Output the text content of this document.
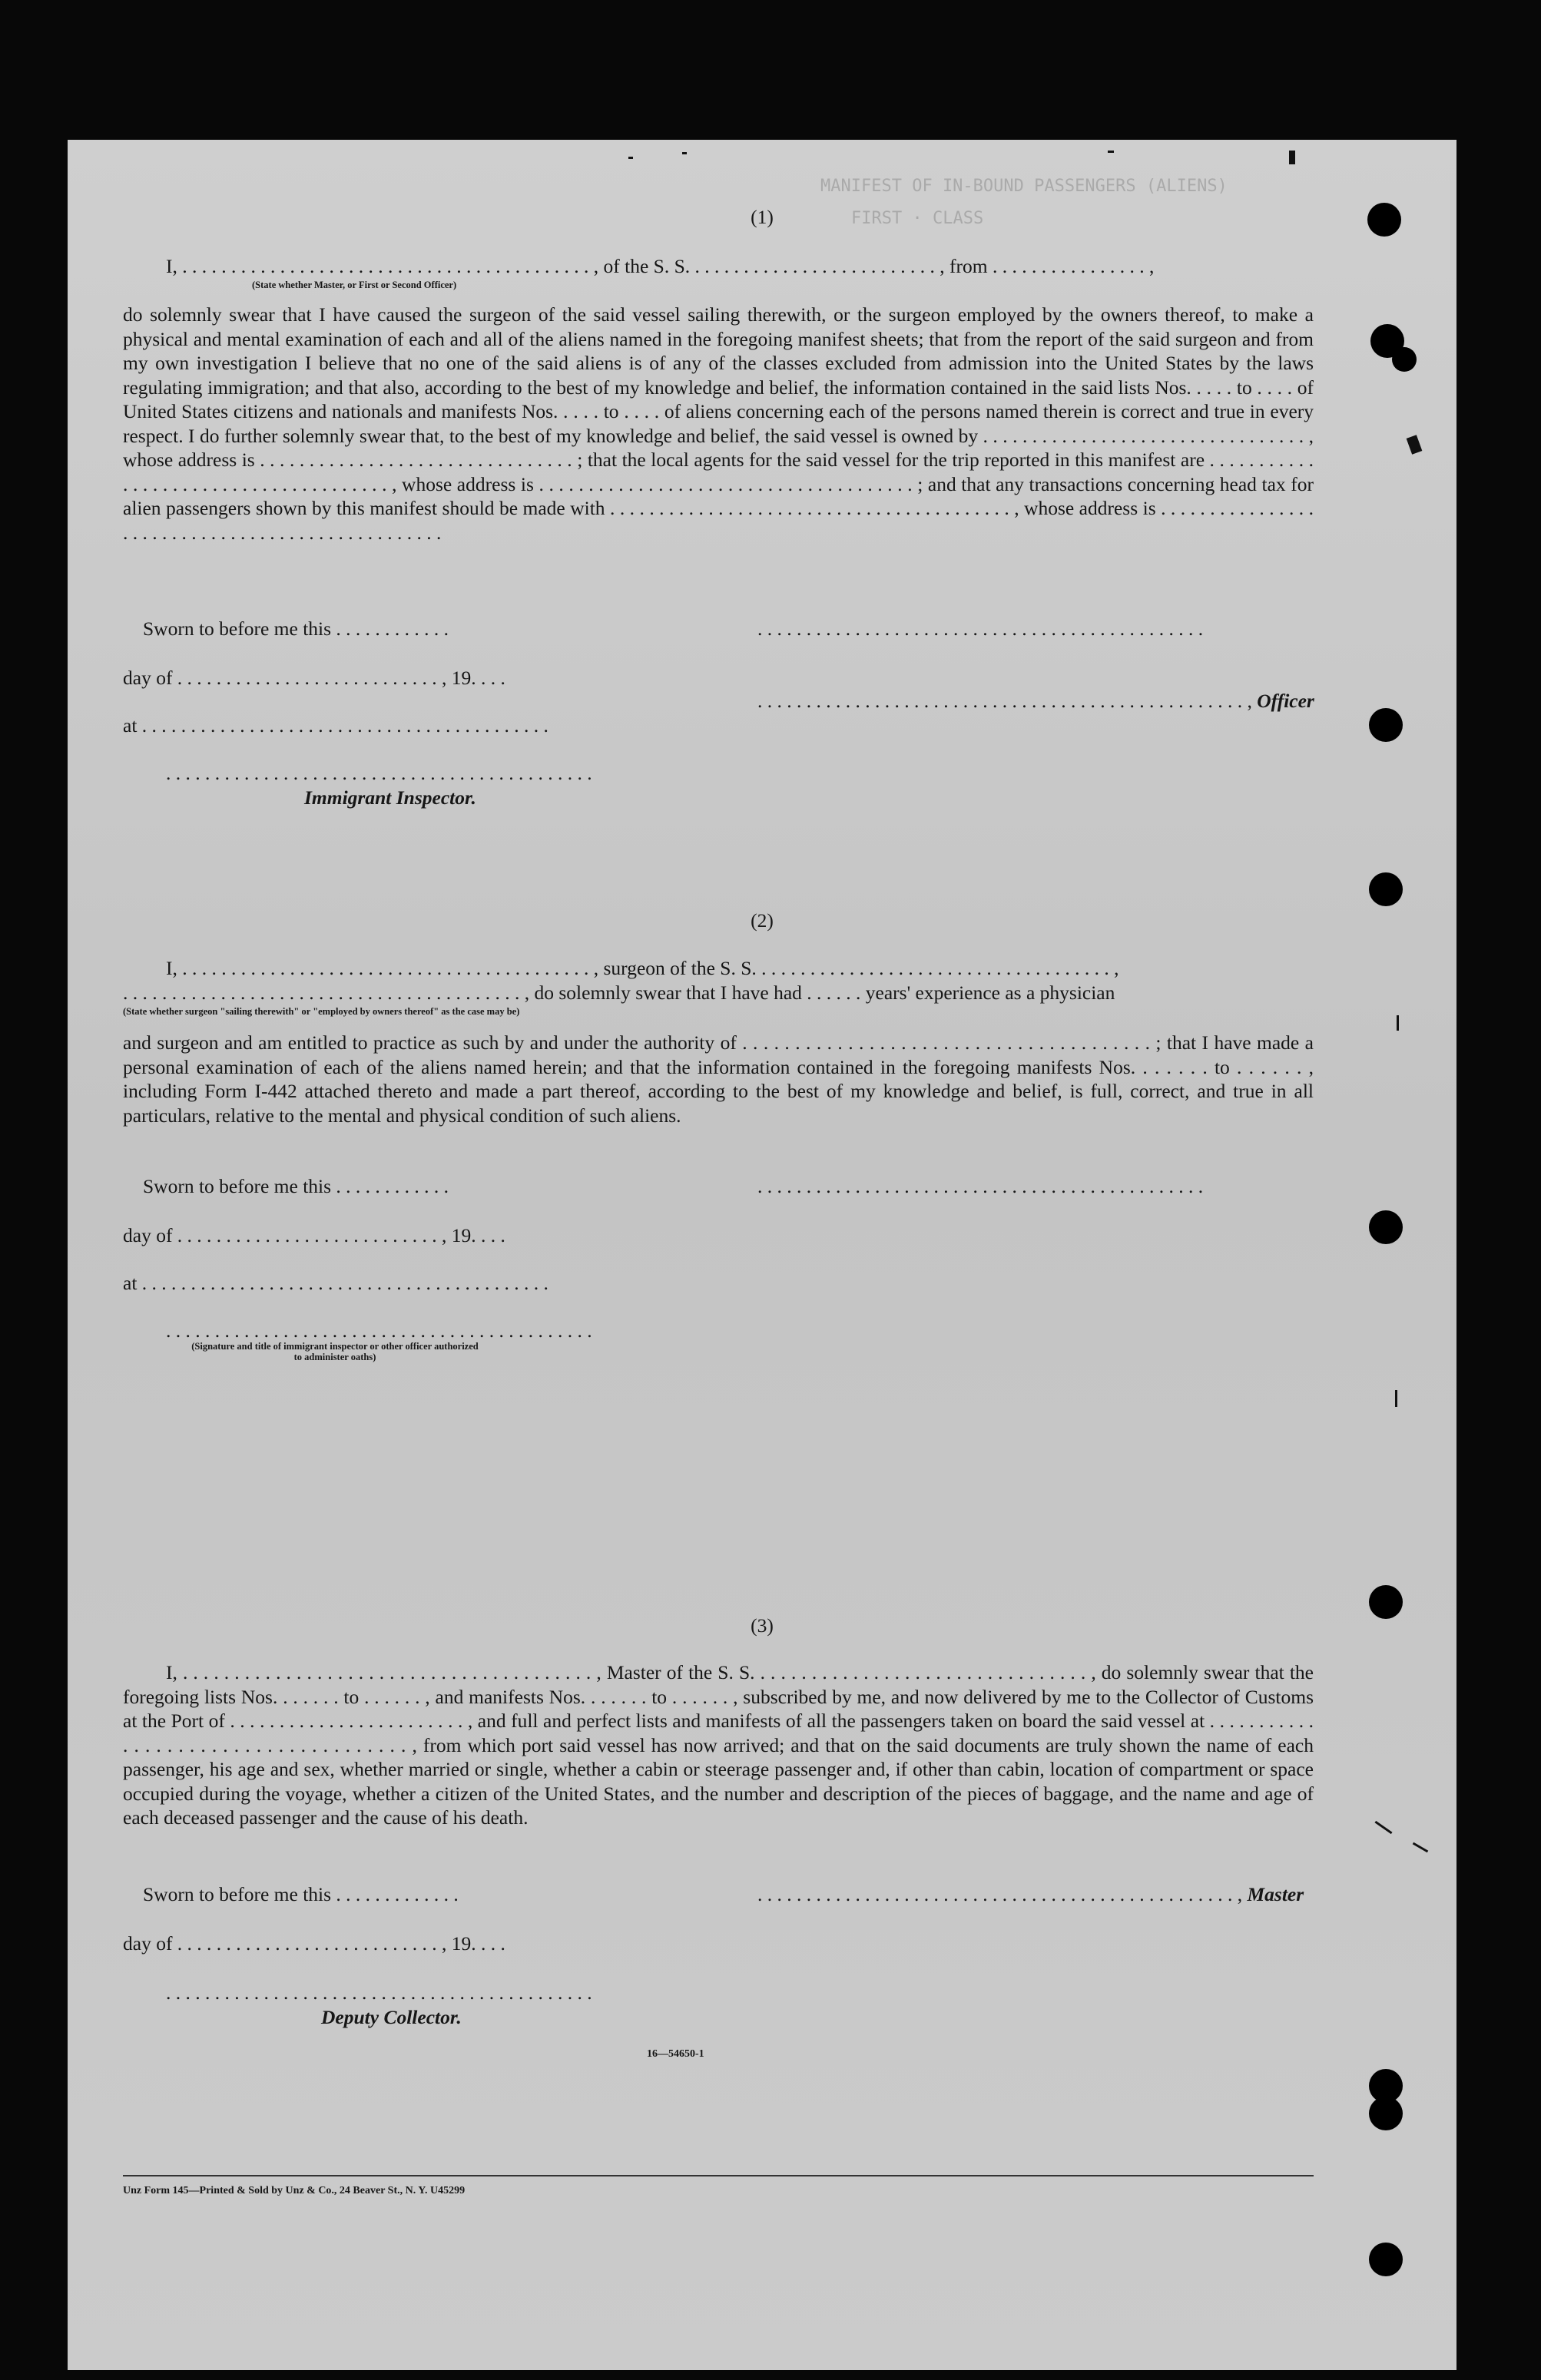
MANIFEST OF IN-BOUND PASSENGERS (ALIENS)
FIRST · CLASS
(1)
I, . . . . . . . . . . . . . . . . . . . . . . . . . . . . . . . . . . . . . . . . . . , of the S. S. . . . . . . . . . . . . . . . . . . . . . . . . . , from . . . . . . . . . . . . . . . . ,
(State whether Master, or First or Second Officer)
do solemnly swear that I have caused the surgeon of the said vessel sailing therewith, or the surgeon employed by the owners thereof, to make a physical and mental examination of each and all of the aliens named in the foregoing manifest sheets; that from the report of the said surgeon and from my own investigation I believe that no one of the said aliens is of any of the classes excluded from admission into the United States by the laws regulating immigration; and that also, according to the best of my knowledge and belief, the information contained in the said lists Nos. . . . . to . . . . of United States citizens and nationals and manifests Nos. . . . . to . . . . of aliens concerning each of the persons named therein is correct and true in every respect. I do further solemnly swear that, to the best of my knowledge and belief, the said vessel is owned by . . . . . . . . . . . . . . . . . . . . . . . . . . . . . . . . . , whose address is . . . . . . . . . . . . . . . . . . . . . . . . . . . . . . . . ; that the local agents for the said vessel for the trip reported in this manifest are . . . . . . . . . . . . . . . . . . . . . . . . . . . . . . . . . . . . . . , whose address is . . . . . . . . . . . . . . . . . . . . . . . . . . . . . . . . . . . . . . ; and that any transactions concerning head tax for alien passengers shown by this manifest should be made with . . . . . . . . . . . . . . . . . . . . . . . . . . . . . . . . . . . . . . . . . , whose address is . . . . . . . . . . . . . . . . . . . . . . . . . . . . . . . . . . . . . . . . . . . . . . . . .
Sworn to before me this . . . . . . . . . . . .	. . . . . . . . . . . . . . . . . . . . . . . . . . . . . . . . . . . . . . . . . . . . . .
day of . . . . . . . . . . . . . . . . . . . . . . . . . . . , 19. . . .
. . . . . . . . . . . . . . . . . . . . . . . . . . . . . . . . . . . . . . . . . . . . . . . . . . , Officer
at . . . . . . . . . . . . . . . . . . . . . . . . . . . . . . . . . . . . . . . . . .
. . . . . . . . . . . . . . . . . . . . . . . . . . . . . . . . . . . . . . . . . . . .
Immigrant Inspector.
(2)
I, . . . . . . . . . . . . . . . . . . . . . . . . . . . . . . . . . . . . . . . . . . , surgeon of the S. S. . . . . . . . . . . . . . . . . . . . . . . . . . . . . . . . . . . . . ,
. . . . . . . . . . . . . . . . . . . . . . . . . . . . . . . . . . . . . . . . . , do solemnly swear that I have had . . . . . . years' experience as a physician
(State whether surgeon "sailing therewith" or "employed by owners thereof" as the case may be)
and surgeon and am entitled to practice as such by and under the authority of . . . . . . . . . . . . . . . . . . . . . . . . . . . . . . . . . . . . . . . ; that I have made a personal examination of each of the aliens named herein; and that the information contained in the foregoing manifests Nos. . . . . . . to . . . . . . , including Form I-442 attached thereto and made a part thereof, according to the best of my knowledge and belief, is full, correct, and true in all particulars, relative to the mental and physical condition of such aliens.
Sworn to before me this . . . . . . . . . . . .	. . . . . . . . . . . . . . . . . . . . . . . . . . . . . . . . . . . . . . . . . . . . . .
day of . . . . . . . . . . . . . . . . . . . . . . . . . . . , 19. . . .
at . . . . . . . . . . . . . . . . . . . . . . . . . . . . . . . . . . . . . . . . . .
. . . . . . . . . . . . . . . . . . . . . . . . . . . . . . . . . . . . . . . . . . . .
(Signature and title of immigrant inspector or other officer authorized to administer oaths)
(3)
I, . . . . . . . . . . . . . . . . . . . . . . . . . . . . . . . . . . . . . . . . , Master of the S. S. . . . . . . . . . . . . . . . . . . . . . . . . . . . . . . . . , do solemnly swear that the foregoing lists Nos. . . . . . . to . . . . . . , and manifests Nos. . . . . . . to . . . . . . , subscribed by me, and now delivered by me to the Collector of Customs at the Port of . . . . . . . . . . . . . . . . . . . . . . . . , and full and perfect lists and manifests of all the passengers taken on board the said vessel at . . . . . . . . . . . . . . . . . . . . . . . . . . . . . . . . . . . . . , from which port said vessel has now arrived; and that on the said documents are truly shown the name of each passenger, his age and sex, whether married or single, whether a cabin or steerage passenger and, if other than cabin, location of compartment or space occupied during the voyage, whether a citizen of the United States, and the number and description of the pieces of baggage, and the name and age of each deceased passenger and the cause of his death.
Sworn to before me this . . . . . . . . . . . . .	. . . . . . . . . . . . . . . . . . . . . . . . . . . . . . . . . . . . . . . . . . . . . . . . . , Master
day of . . . . . . . . . . . . . . . . . . . . . . . . . . . , 19. . . .
. . . . . . . . . . . . . . . . . . . . . . . . . . . . . . . . . . . . . . . . . . . .
Deputy Collector.
16—54650-1
Unz Form 145—Printed & Sold by Unz & Co., 24 Beaver St., N. Y. U45299
